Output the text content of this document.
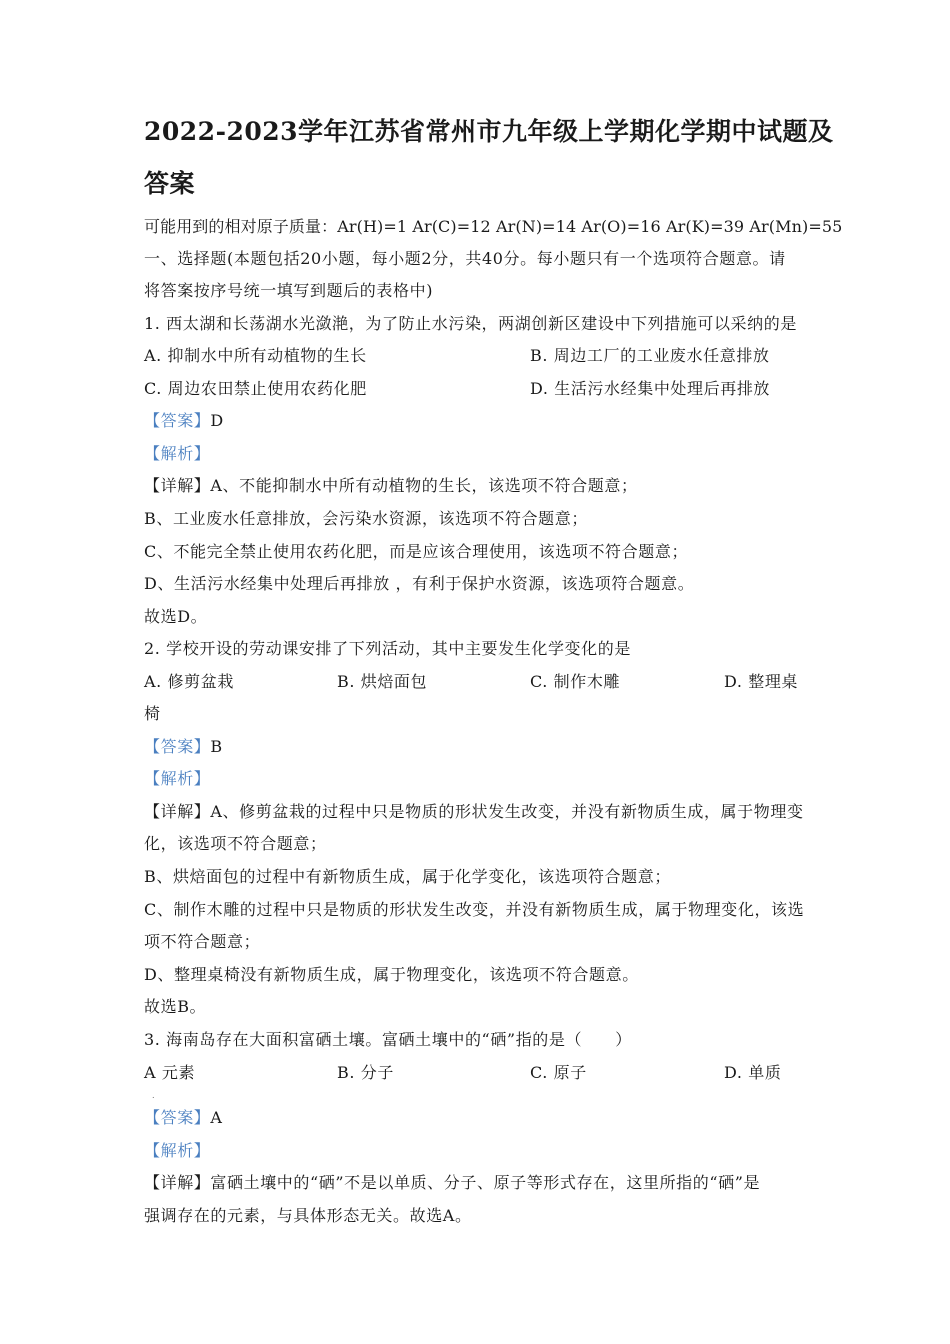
2022-2023学年江苏省常州市九年级上学期化学期中试题及
答案
可能用到的相对原子质量：Ar(H)=1 Ar(C)=12 Ar(N)=14 Ar(O)=16 Ar(K)=39 Ar(Mn)=55
一、选择题(本题包括20小题，每小题2分，共40分。每小题只有一个选项符合题意。请
将答案按序号统一填写到题后的表格中)
1. 西太湖和长荡湖水光潋滟，为了防止水污染，两湖创新区建设中下列措施可以采纳的是
A. 抑制水中所有动植物的生长	B. 周边工厂的工业废水任意排放
C. 周边农田禁止使用农药化肥	D. 生活污水经集中处理后再排放
【答案】D
【解析】
【详解】A、不能抑制水中所有动植物的生长，该选项不符合题意；
B、工业废水任意排放，会污染水资源，该选项不符合题意；
C、不能完全禁止使用农药化肥，而是应该合理使用，该选项不符合题意；
D、生活污水经集中处理后再排放 ，有利于保护水资源，该选项符合题意。
故选D。
2. 学校开设的劳动课安排了下列活动，其中主要发生化学变化的是
A. 修剪盆栽	B. 烘焙面包	C. 制作木雕	D. 整理桌
椅
【答案】B
【解析】
【详解】A、修剪盆栽的过程中只是物质的形状发生改变，并没有新物质生成，属于物理变
化，该选项不符合题意；
B、烘焙面包的过程中有新物质生成，属于化学变化，该选项符合题意；
C、制作木雕的过程中只是物质的形状发生改变，并没有新物质生成，属于物理变化，该选
项不符合题意；
D、整理桌椅没有新物质生成，属于物理变化，该选项不符合题意。
故选B。
3. 海南岛存在大面积富硒土壤。富硒土壤中的“硒”指的是（　　）
A 元素	B. 分子	C. 原子	D. 单质
.
【答案】A
【解析】
【详解】富硒土壤中的“硒”不是以单质、分子、原子等形式存在，这里所指的“硒”是
强调存在的元素，与具体形态无关。故选A。
